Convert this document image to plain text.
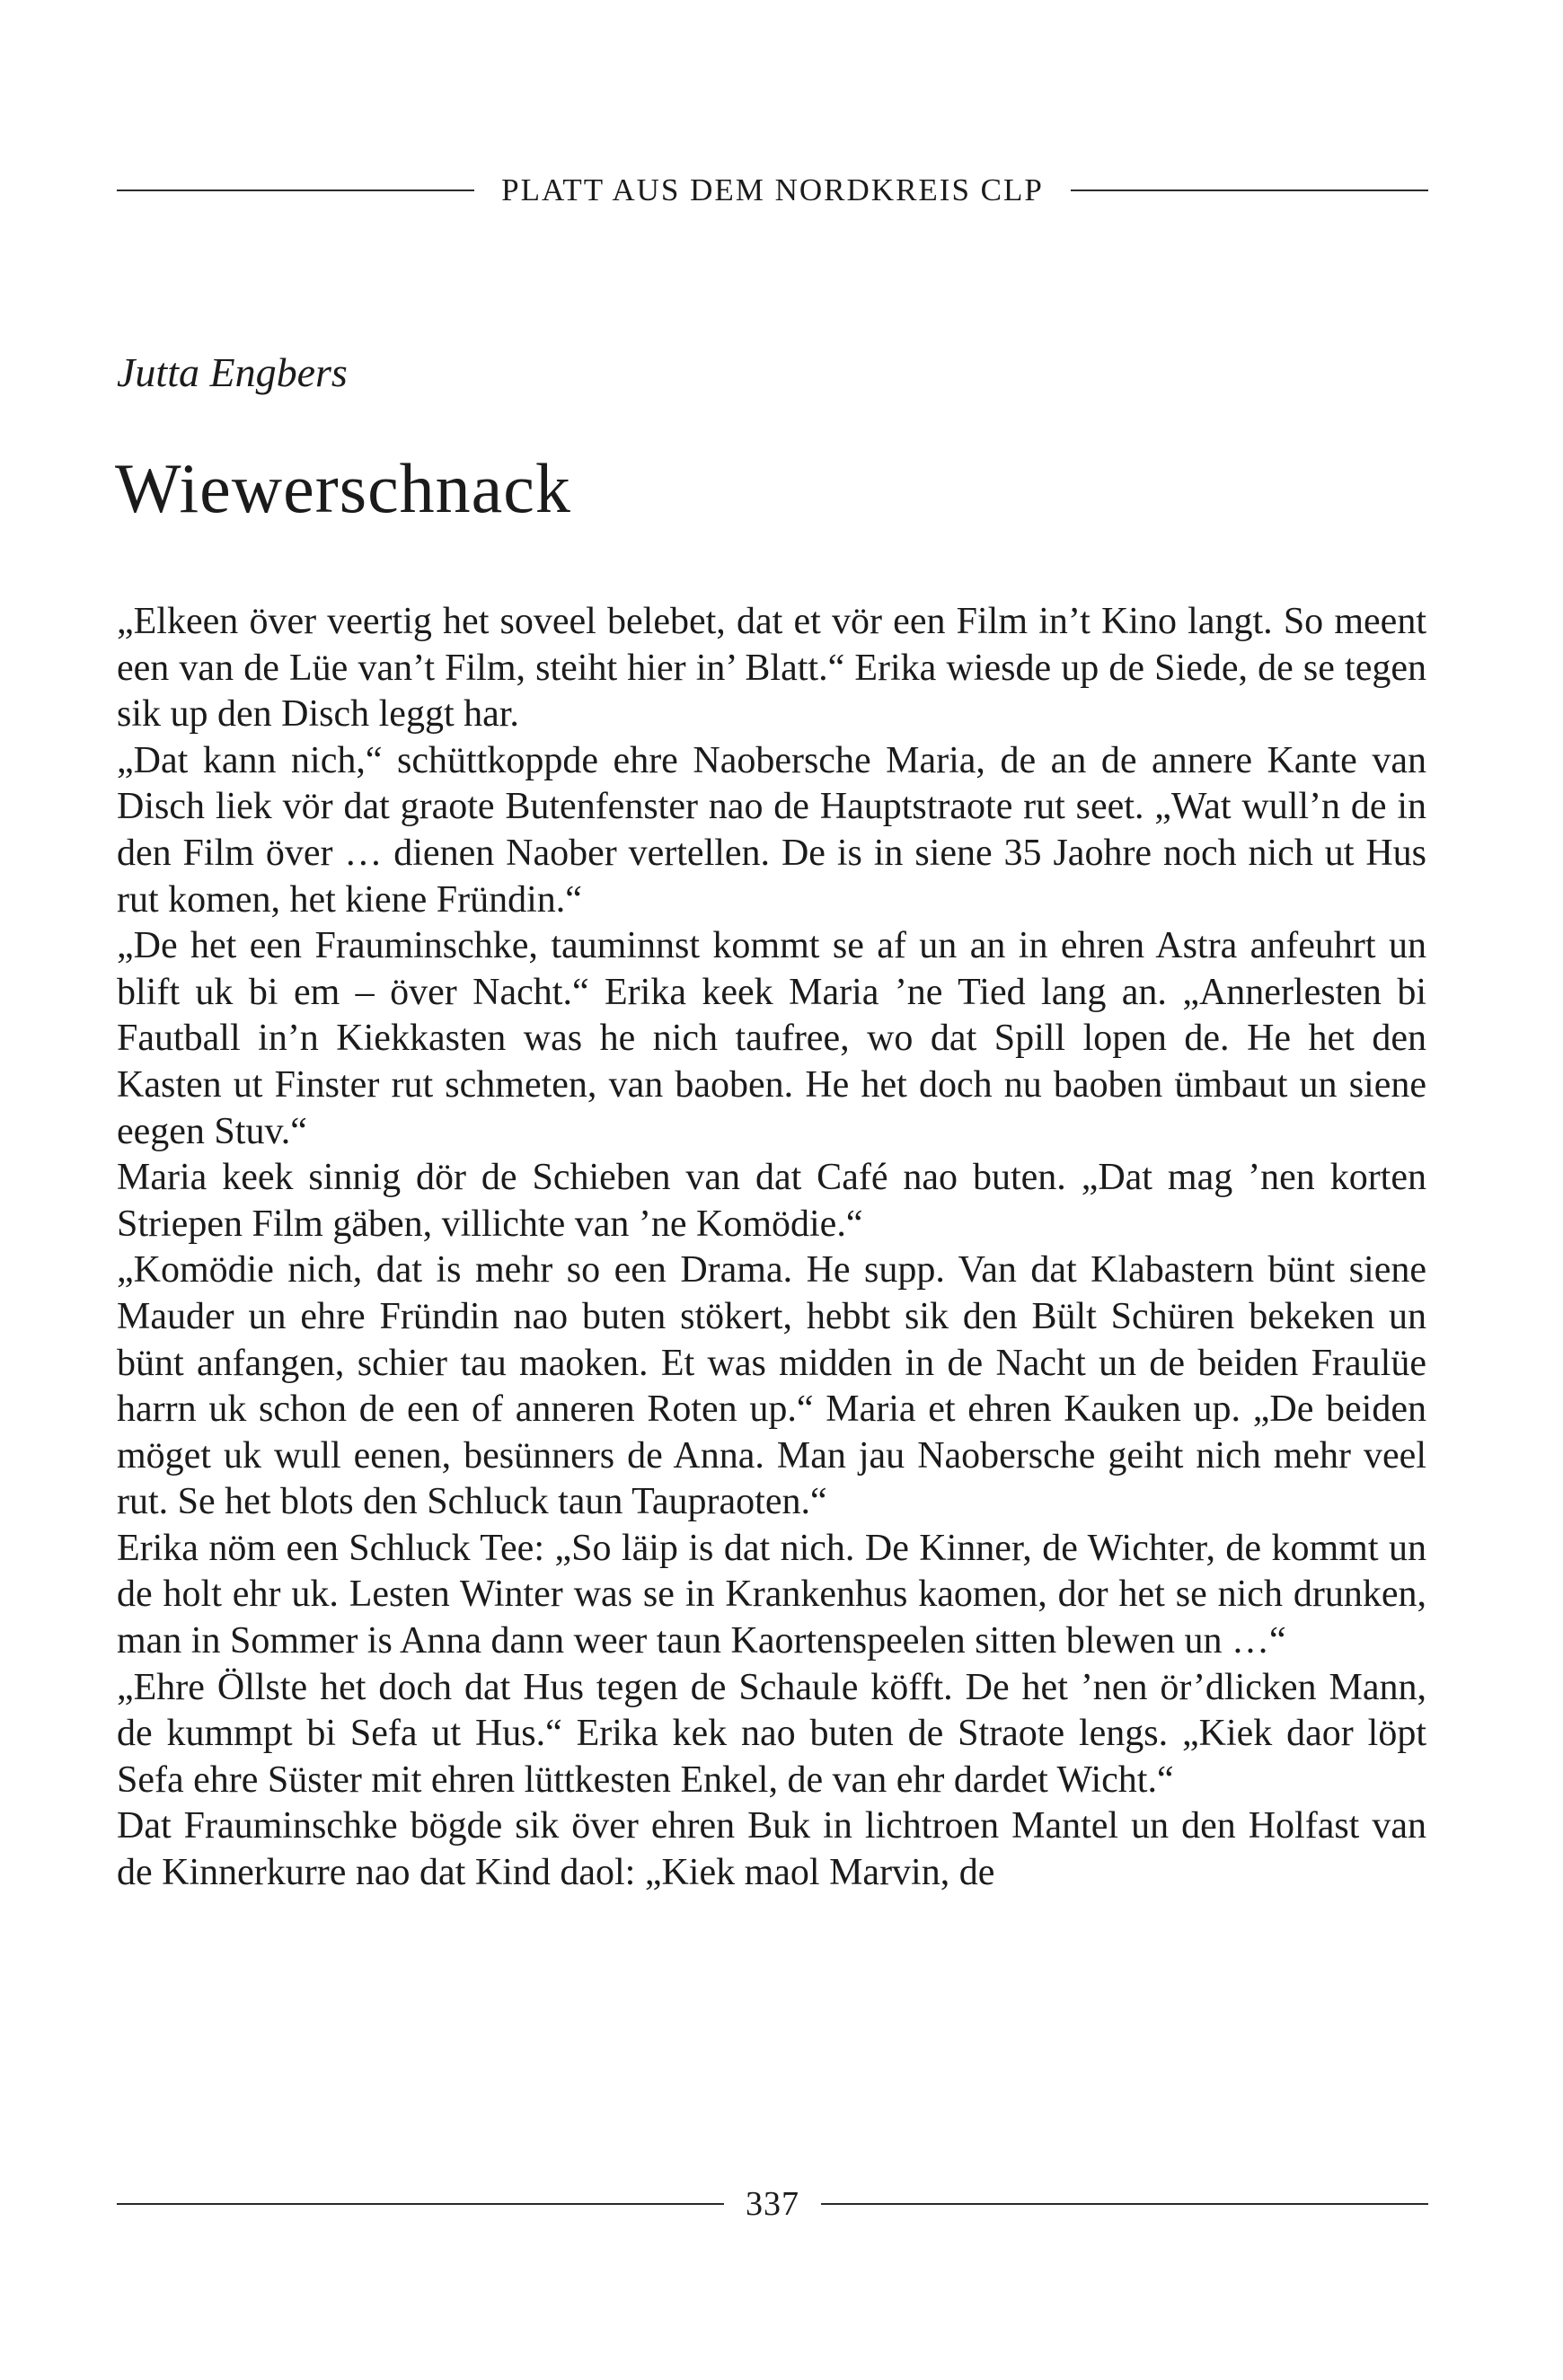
PLATT AUS DEM NORDKREIS CLP
Jutta Engbers
Wiewerschnack

„Elkeen över veertig het soveel belebet, dat et vör een Film in’t Kino langt. So meent een van de Lüe van’t Film, steiht hier in’ Blatt.“ Erika wiesde up de Siede, de se tegen sik up den Disch leggt har.

„Dat kann nich,“ schüttkoppde ehre Naobersche Maria, de an de annere Kante van Disch liek vör dat graote Butenfenster nao de Hauptstraote rut seet. „Wat wull’n de in den Film över … dienen Naober vertellen. De is in siene 35 Jaohre noch nich ut Hus rut komen, het kiene Fründin.“

„De het een Frauminschke, tauminnst kommt se af un an in ehren Astra anfeuhrt un blift uk bi em – över Nacht.“ Erika keek Maria ’ne Tied lang an. „Annerlesten bi Fautball in’n Kiekkasten was he nich taufree, wo dat Spill lopen de. He het den Kasten ut Finster rut schmeten, van baoben. He het doch nu baoben ümbaut un siene eegen Stuv.“

Maria keek sinnig dör de Schieben van dat Café nao buten. „Dat mag ’nen korten Striepen Film gäben, villichte van ’ne Komödie.“

„Komödie nich, dat is mehr so een Drama. He supp. Van dat Klabastern bünt siene Mauder un ehre Fründin nao buten stökert, hebbt sik den Bült Schüren bekeken un bünt anfangen, schier tau maoken. Et was midden in de Nacht un de beiden Fraulüe harrn uk schon de een of anneren Roten up.“ Maria et ehren Kauken up. „De beiden möget uk wull eenen, besünners de Anna. Man jau Naobersche geiht nich mehr veel rut. Se het blots den Schluck taun Taupraoten.“

Erika nöm een Schluck Tee: „So läip is dat nich. De Kinner, de Wichter, de kommt un de holt ehr uk. Lesten Winter was se in Krankenhus kaomen, dor het se nich drunken, man in Sommer is Anna dann weer taun Kaortenspeelen sitten blewen un …“

„Ehre Öllste het doch dat Hus tegen de Schaule köfft. De het ’nen ör’dlicken Mann, de kummpt bi Sefa ut Hus.“ Erika kek nao buten de Straote lengs. „Kiek daor löpt Sefa ehre Süster mit ehren lüttkesten Enkel, de van ehr dardet Wicht.“

Dat Frauminschke bögde sik över ehren Buk in lichtroen Mantel un den Holfast van de Kinnerkurre nao dat Kind daol: „Kiek maol Marvin, de

337
